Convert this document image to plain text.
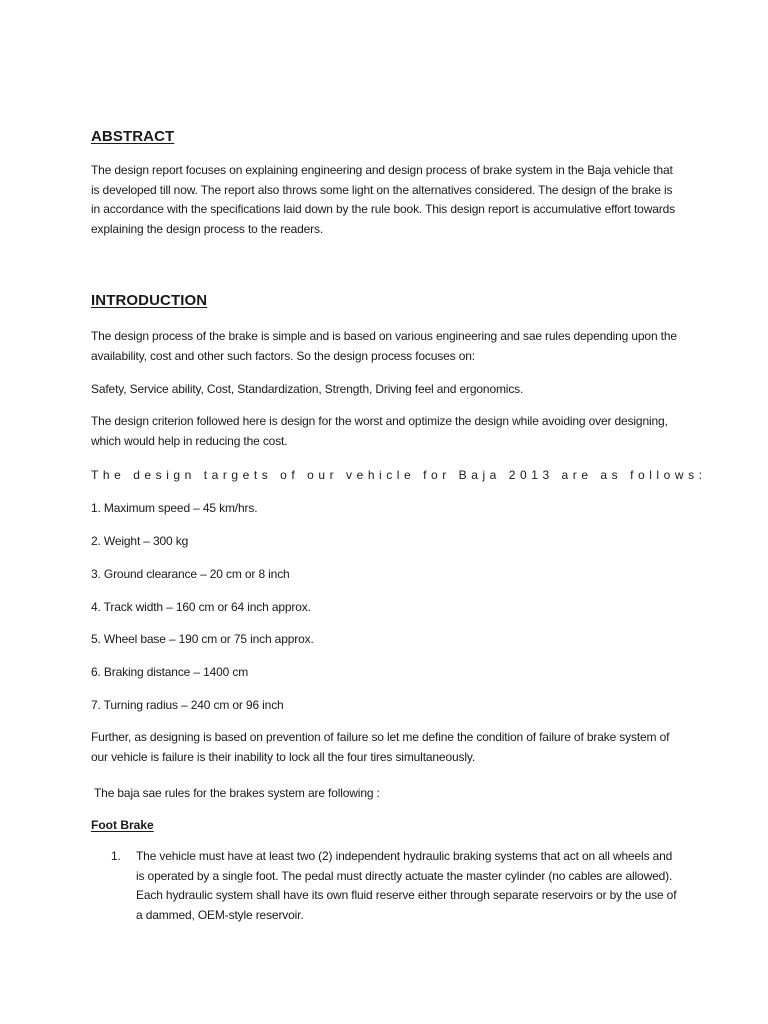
ABSTRACT
The design report focuses on explaining engineering and design process of brake system in the Baja vehicle that is developed till now. The report also throws some light on the alternatives considered. The design of the brake is in accordance with the specifications laid down by the rule book. This design report is accumulative effort towards explaining the design process to the readers.
INTRODUCTION
The design process of the brake is simple and is based on various engineering and sae rules depending upon the availability, cost and other such factors. So the design process focuses on:
Safety, Service ability, Cost, Standardization, Strength, Driving feel and ergonomics.
The design criterion followed here is design for the worst and optimize the design while avoiding over designing, which would help in reducing the cost.
The design targets of our vehicle for Baja 2013 are as follows:
1. Maximum speed – 45 km/hrs.
2. Weight – 300 kg
3. Ground clearance – 20 cm or 8 inch
4. Track width – 160 cm or 64 inch approx.
5. Wheel base – 190 cm or 75 inch approx.
6. Braking distance – 1400 cm
7. Turning radius – 240 cm or 96 inch
Further, as designing is based on prevention of failure so let me define the condition of failure of brake system of our vehicle is failure is their inability to lock all the four tires simultaneously.
The baja sae rules for the brakes system are following :
Foot Brake
1. The vehicle must have at least two (2) independent hydraulic braking systems that act on all wheels and is operated by a single foot. The pedal must directly actuate the master cylinder (no cables are allowed). Each hydraulic system shall have its own fluid reserve either through separate reservoirs or by the use of a dammed, OEM-style reservoir.
